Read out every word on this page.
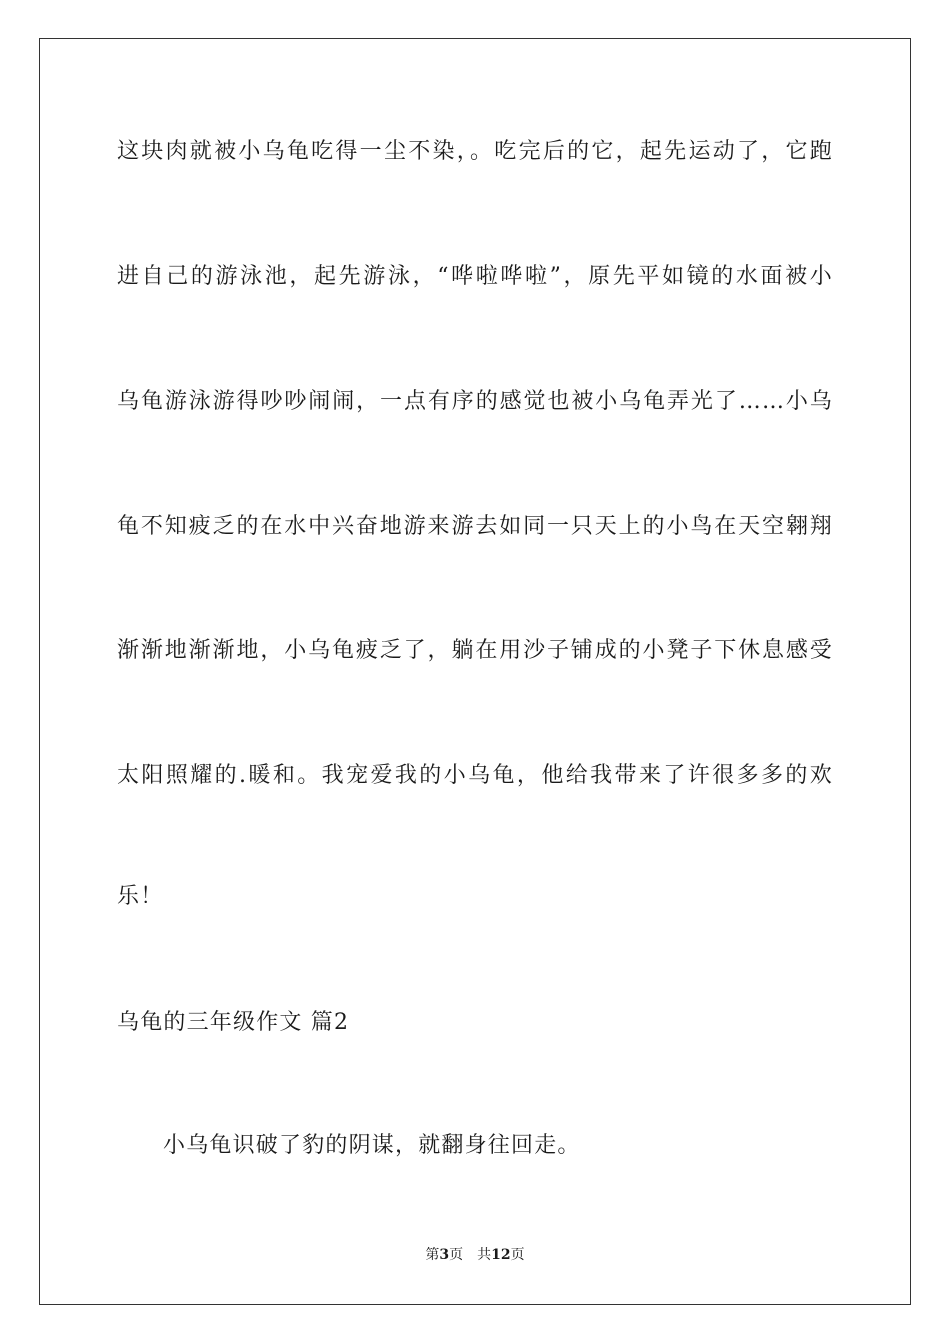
这块肉就被小乌龟吃得一尘不染，。吃完后的它，起先运动了，它跑
进自己的游泳池，起先游泳，“哗啦哗啦”，原先平如镜的水面被小
乌龟游泳游得吵吵闹闹，一点有序的感觉也被小乌龟弄光了……小乌
龟不知疲乏的在水中兴奋地游来游去如同一只天上的小鸟在天空翱翔
渐渐地渐渐地，小乌龟疲乏了，躺在用沙子铺成的小凳子下休息感受
太阳照耀的.暖和。我宠爱我的小乌龟，他给我带来了许很多多的欢
乐！
乌龟的三年级作文 篇2
小乌龟识破了豹的阴谋，就翻身往回走。
第3页 共12页
